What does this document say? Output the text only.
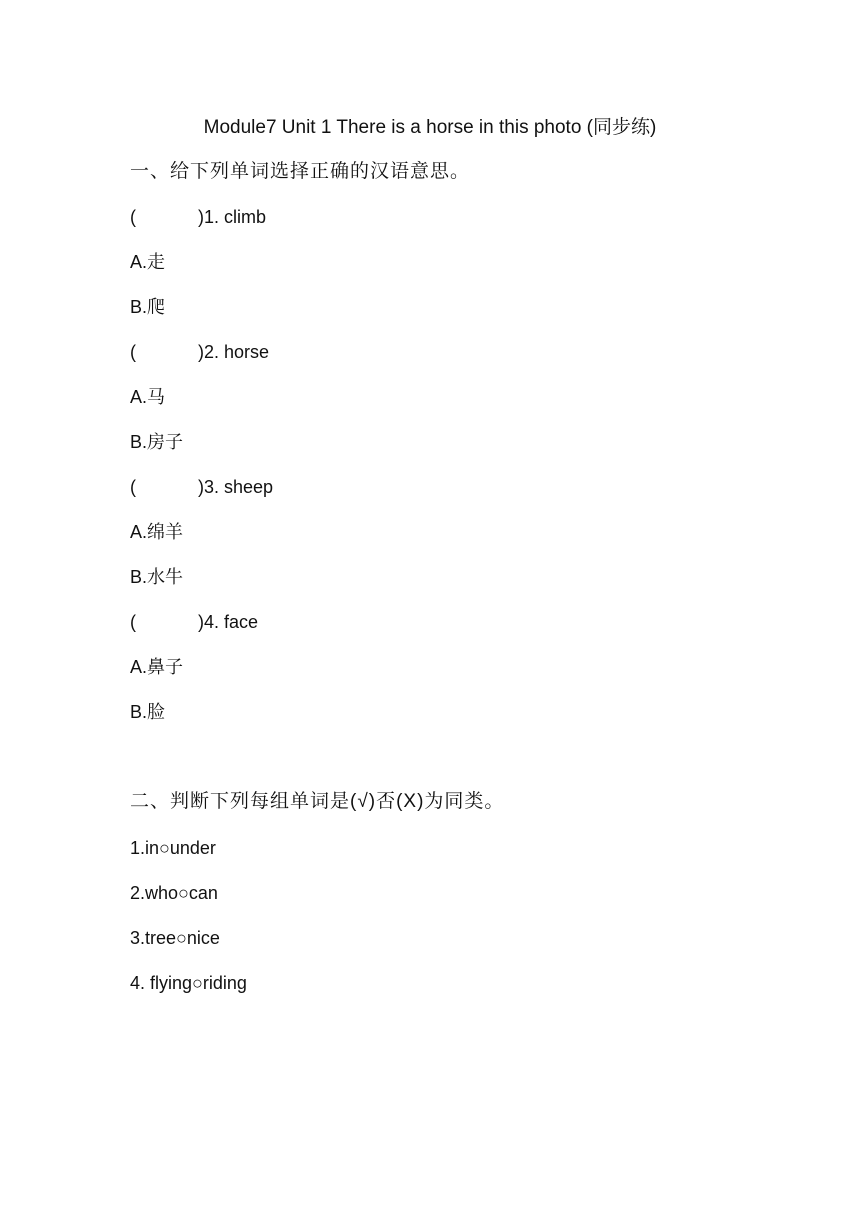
Module7 Unit 1 There is a horse in this photo (同步练)
一、给下列单词选择正确的汉语意思。
(	)1. climb
A.走
B.爬
(	)2. horse
A.马
B.房子
(	)3. sheep
A.绵羊
B.水牛
(	)4. face
A.鼻子
B.脸
二、判断下列每组单词是(√)否(X)为同类。
1.in○under
2.who○can
3.tree○nice
4. flying○riding
